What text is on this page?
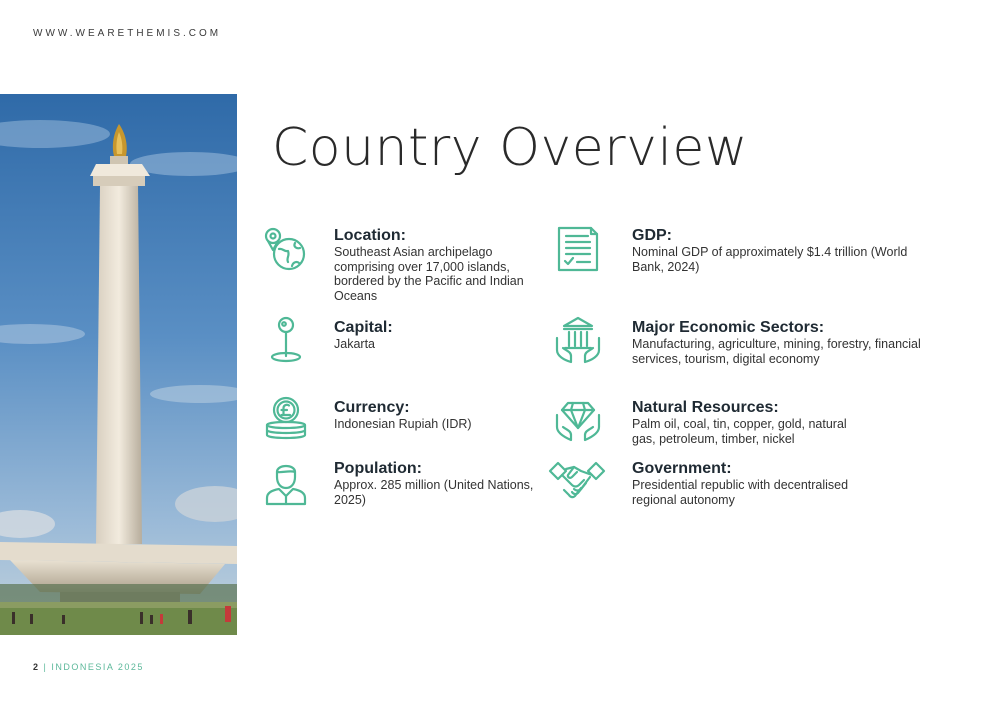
WWW.WEARETHEMIS.COM
Country Overview
Location:

Southeast Asian archipelago comprising over 17,000 islands, bordered by the Pacific and Indian Oceans

Capital:

Jakarta

Currency:

Indonesian Rupiah (IDR)

Population:

Approx. 285 million (United Nations, 2025)

GDP:

Nominal GDP of approximately $1.4 trillion (World Bank, 2024)

Major Economic Sectors:

Manufacturing, agriculture, mining, forestry, financial services, tourism, digital economy

Natural Resources:

Palm oil, coal, tin, copper, gold, natural gas, petroleum, timber, nickel

Government:

Presidential republic with decentralised regional autonomy

2 | INDONESIA 2025
